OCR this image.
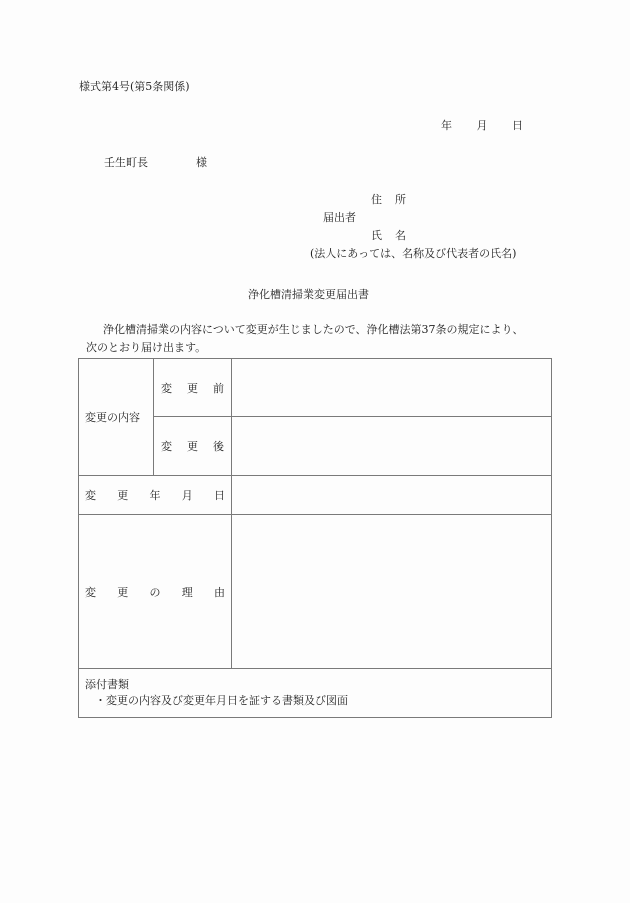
様式第4号(第5条関係)
年 月 日
壬生町長	様
住 所
届出者
氏 名
(法人にあっては、名称及び代表者の氏名)
浄化槽清掃業変更届出書
浄化槽清掃業の内容について変更が生じましたので、浄化槽法第37条の規定により、
次のとおり届け出ます。
変更の内容	変 更 前	

	変 更 後	

変 更 年 月 日		

変 更 の 理 由		

添付書類
・変更の内容及び変更年月日を証する書類及び図面		
